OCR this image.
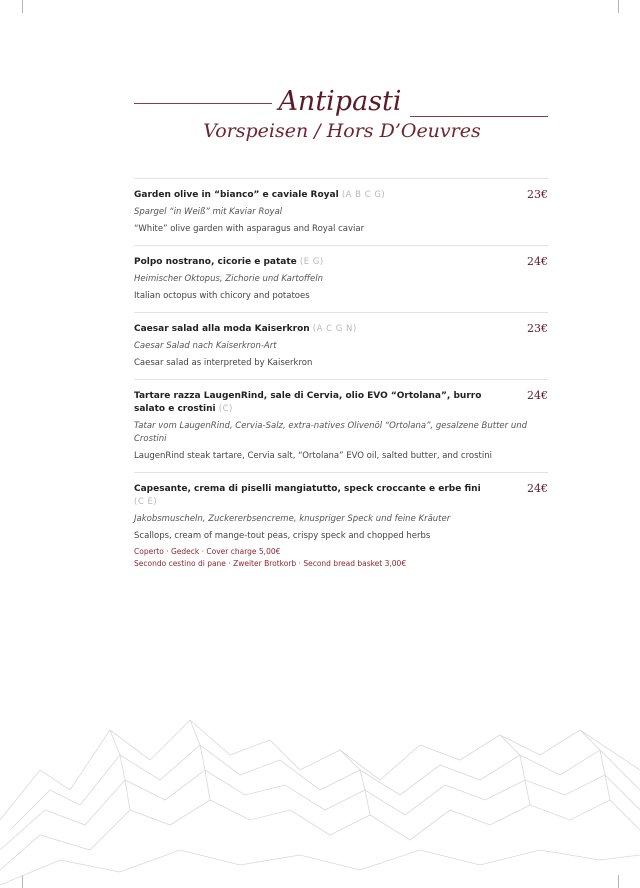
Antipasti
Vorspeisen / Hors D’Oeuvres
Garden olive in “bianco” e caviale Royal (A B C G)
Spargel “in Weiß” mit Kaviar Royal
“White” olive garden with asparagus and Royal caviar
23€
Polpo nostrano, cicorie e patate (E G)
Heimischer Oktopus, Zichorie und Kartoffeln
Italian octopus with chicory and potatoes
24€
Caesar salad alla moda Kaiserkron (A C G N)
Caesar Salad nach Kaiserkron-Art
Caesar salad as interpreted by Kaiserkron
23€
Tartare razza LaugenRind, sale di Cervia, olio EVO “Ortolana”, burro salato e crostini (C)
Tatar vom LaugenRind, Cervia-Salz, extra-natives Olivenöl “Ortolana”, gesalzene Butter und Crostini
LaugenRind steak tartare, Cervia salt, “Ortolana” EVO oil, salted butter, and crostini
24€
Capesante, crema di piselli mangiatutto, speck croccante e erbe fini (C E)
Jakobsmuscheln, Zuckererbsencreme, knuspriger Speck und feine Kräuter
Scallops, cream of mange-tout peas, crispy speck and chopped herbs
24€
Coperto · Gedeck · Cover charge 5,00€
Secondo cestino di pane · Zweiter Brotkorb · Second bread basket 3,00€
